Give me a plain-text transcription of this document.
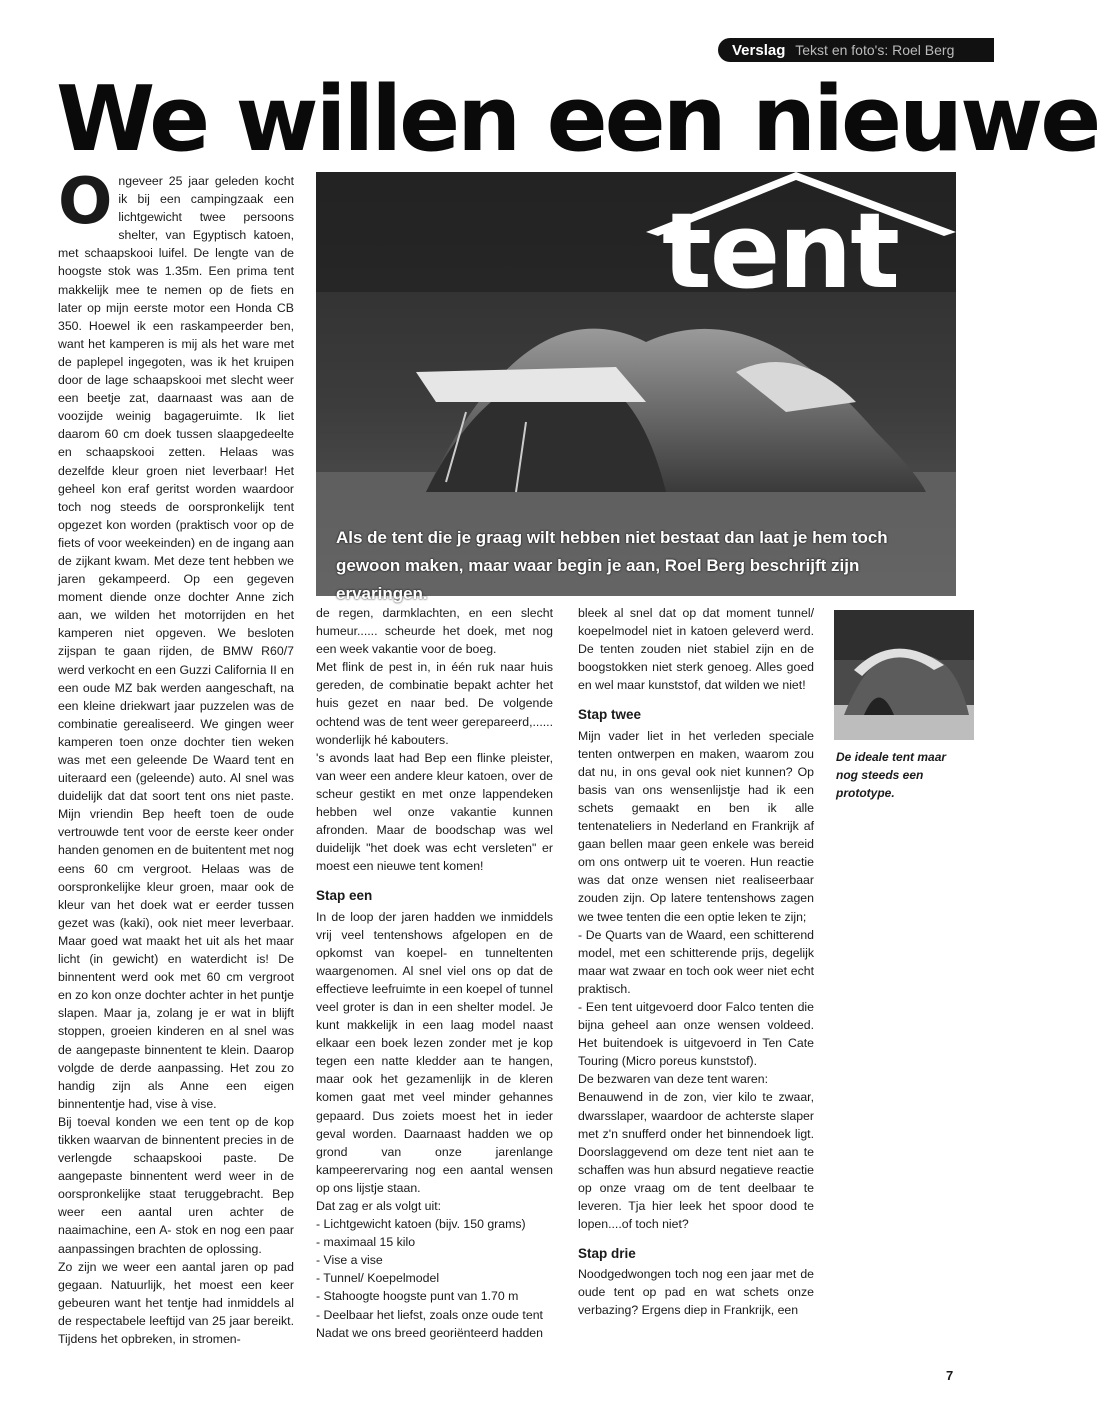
Verslag Tekst en foto's: Roel Berg
We willen een nieuwe
tent
Als de tent die je graag wilt hebben niet bestaat dan laat je hem toch gewoon maken, maar waar begin je aan, Roel Berg beschrijft zijn ervaringen.
O ngeveer 25 jaar geleden kocht ik bij een campingzaak een lichtgewicht twee persoons shelter, van Egyptisch katoen, met schaapskooi luifel. De lengte van de hoogste stok was 1.35m. Een prima tent makkelijk mee te nemen op de fiets en later op mijn eerste motor een Honda CB 350. Hoewel ik een raskampeerder ben, want het kamperen is mij als het ware met de paplepel ingegoten, was ik het kruipen door de lage schaapskooi met slecht weer een beetje zat, daarnaast was aan de voozijde weinig bagageruimte. Ik liet daarom 60 cm doek tussen slaapgedeelte en schaapskooi zetten. Helaas was dezelfde kleur groen niet leverbaar! Het geheel kon eraf geritst worden waardoor toch nog steeds de oorspronkelijk tent opgezet kon worden (praktisch voor op de fiets of voor weekeinden) en de ingang aan de zijkant kwam. Met deze tent hebben we jaren gekampeerd. Op een gegeven moment diende onze dochter Anne zich aan, we wilden het motorrijden en het kamperen niet opgeven. We besloten zijspan te gaan rijden, de BMW R60/7 werd verkocht en een Guzzi California II en een oude MZ bak werden aangeschaft, na een kleine driekwart jaar puzzelen was de combinatie gerealiseerd. We gingen weer kamperen toen onze dochter tien weken was met een geleende De Waard tent en uiteraard een (geleende) auto. Al snel was duidelijk dat dat soort tent ons niet paste. Mijn vriendin Bep heeft toen de oude vertrouwde tent voor de eerste keer onder handen genomen en de buitentent met nog eens 60 cm vergroot. Helaas was de oorspronkelijke kleur groen, maar ook de kleur van het doek wat er eerder tussen gezet was (kaki), ook niet meer leverbaar. Maar goed wat maakt het uit als het maar licht (in gewicht) en waterdicht is! De binnentent werd ook met 60 cm vergroot en zo kon onze dochter achter in het puntje slapen. Maar ja, zolang je er wat in blijft stoppen, groeien kinderen en al snel was de aangepaste binnentent te klein. Daarop volgde de derde aanpassing. Het zou zo handig zijn als Anne een eigen binnententje had, vise à vise.

Bij toeval konden we een tent op de kop tikken waarvan de binnentent precies in de verlengde schaapskooi paste. De aangepaste binnentent werd weer in de oorspronkelijke staat teruggebracht. Bep weer een aantal uren achter de naaimachine, een A- stok en nog een paar aanpassingen brachten de oplossing.

Zo zijn we weer een aantal jaren op pad gegaan. Natuurlijk, het moest een keer gebeuren want het tentje had inmiddels al de respectabele leeftijd van 25 jaar bereikt. Tijdens het opbreken, in stromen-

de regen, darmklachten, en een slecht humeur...... scheurde het doek, met nog een week vakantie voor de boeg.

Met flink de pest in, in één ruk naar huis gereden, de combinatie bepakt achter het huis gezet en naar bed. De volgende ochtend was de tent weer gerepareerd,...... wonderlijk hé kabouters.

's avonds laat had Bep een flinke pleister, van weer een andere kleur katoen, over de scheur gestikt en met onze lappendeken hebben wel onze vakantie kunnen afronden. Maar de boodschap was wel duidelijk "het doek was echt versleten" er moest een nieuwe tent komen!

Stap een

In de loop der jaren hadden we inmiddels vrij veel tentenshows afgelopen en de opkomst van koepel- en tunneltenten waargenomen. Al snel viel ons op dat de effectieve leefruimte in een koepel of tunnel veel groter is dan in een shelter model. Je kunt makkelijk in een laag model naast elkaar een boek lezen zonder met je kop tegen een natte kledder aan te hangen, maar ook het gezamenlijk in de kleren komen gaat met veel minder gehannes gepaard. Dus zoiets moest het in ieder geval worden. Daarnaast hadden we op grond van onze jarenlange kampeerervaring nog een aantal wensen op ons lijstje staan.

Dat zag er als volgt uit:

- Lichtgewicht katoen (bijv. 150 grams)

- maximaal 15 kilo

- Vise a vise

- Tunnel/ Koepelmodel

- Stahoogte hoogste punt van 1.70 m

- Deelbaar het liefst, zoals onze oude tent

Nadat we ons breed georiënteerd hadden

bleek al snel dat op dat moment tunnel/ koepelmodel niet in katoen geleverd werd. De tenten zouden niet stabiel zijn en de boogstokken niet sterk genoeg. Alles goed en wel maar kunststof, dat wilden we niet!

Stap twee

Mijn vader liet in het verleden speciale tenten ontwerpen en maken, waarom zou dat nu, in ons geval ook niet kunnen? Op basis van ons wensenlijstje had ik een schets gemaakt en ben ik alle tentenateliers in Nederland en Frankrijk af gaan bellen maar geen enkele was bereid om ons ontwerp uit te voeren. Hun reactie was dat onze wensen niet realiseerbaar zouden zijn. Op latere tentenshows zagen we twee tenten die een optie leken te zijn;

- De Quarts van de Waard, een schitterend model, met een schitterende prijs, degelijk maar wat zwaar en toch ook weer niet echt praktisch.

- Een tent uitgevoerd door Falco tenten die bijna geheel aan onze wensen voldeed. Het buitendoek is uitgevoerd in Ten Cate Touring (Micro poreus kunststof).

De bezwaren van deze tent waren:

Benauwend in de zon, vier kilo te zwaar, dwarsslaper, waardoor de achterste slaper met z'n snufferd onder het binnendoek ligt. Doorslaggevend om deze tent niet aan te schaffen was hun absurd negatieve reactie op onze vraag om de tent deelbaar te leveren. Tja hier leek het spoor dood te lopen....of toch niet?

Stap drie

Noodgedwongen toch nog een jaar met de oude tent op pad en wat schets onze verbazing? Ergens diep in Frankrijk, een

De ideale tent maar nog steeds een prototype.
7
